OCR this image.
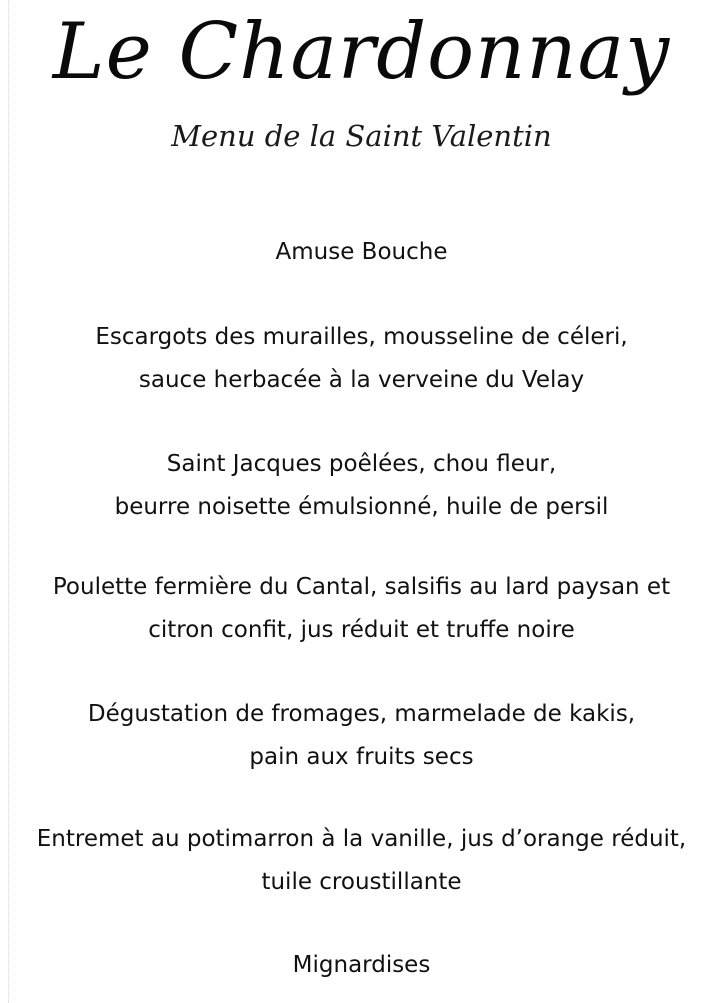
Le Chardonnay
Menu de la Saint Valentin
Amuse Bouche
Escargots des murailles, mousseline de céleri,
sauce herbacée à la verveine du Velay
Saint Jacques poêlées, chou fleur,
beurre noisette émulsionné, huile de persil
Poulette fermière du Cantal, salsifis au lard paysan et
citron confit, jus réduit et truffe noire
Dégustation de fromages, marmelade de kakis,
pain aux fruits secs
Entremet au potimarron à la vanille, jus d’orange réduit,
tuile croustillante
Mignardises
